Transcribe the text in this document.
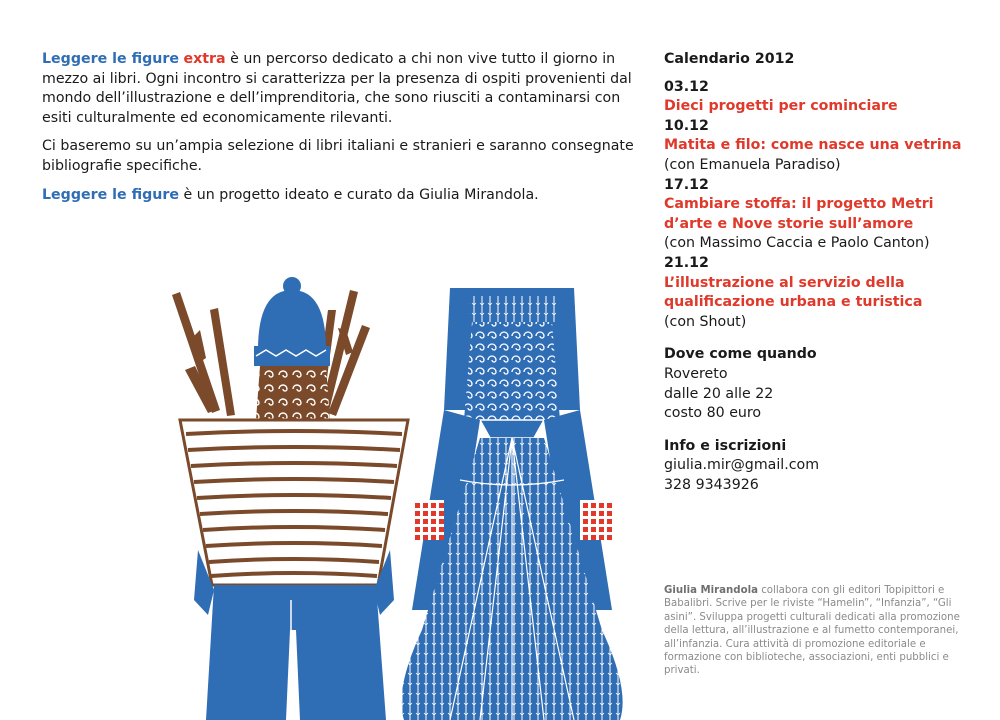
Leggere le figure extra è un percorso dedicato a chi non vive tutto il giorno in mezzo ai libri. Ogni incontro si caratterizza per la presenza di ospiti provenienti dal mondo dell’illustrazione e dell’imprenditoria, che sono riusciti a contaminarsi con esiti culturalmente ed economicamente rilevanti.

Ci baseremo su un’ampia selezione di libri italiani e stranieri e saranno consegnate bibliografie specifiche.

Leggere le figure è un progetto ideato e curato da Giulia Mirandola.

Calendario 2012
03.12
Dieci progetti per cominciare
10.12
Matita e filo: come nasce una vetrina
(con Emanuela Paradiso)
17.12
Cambiare stoffa: il progetto Metri d’arte e Nove storie sull’amore
(con Massimo Caccia e Paolo Canton)
21.12
L’illustrazione al servizio della qualificazione urbana e turistica
(con Shout)
Dove come quando
Rovereto
dalle 20 alle 22
costo 80 euro
Info e iscrizioni
giulia.mir@gmail.com
328 9343926
Giulia Mirandola collabora con gli editori Topipittori e Babalibri. Scrive per le riviste “Hamelin”, “Infanzia”, “Gli asini”. Sviluppa progetti culturali dedicati alla promozione della lettura, all’illustrazione e al fumetto contemporanei, all’infanzia. Cura attività di promozione editoriale e formazione con biblioteche, associazioni, enti pubblici e privati.
